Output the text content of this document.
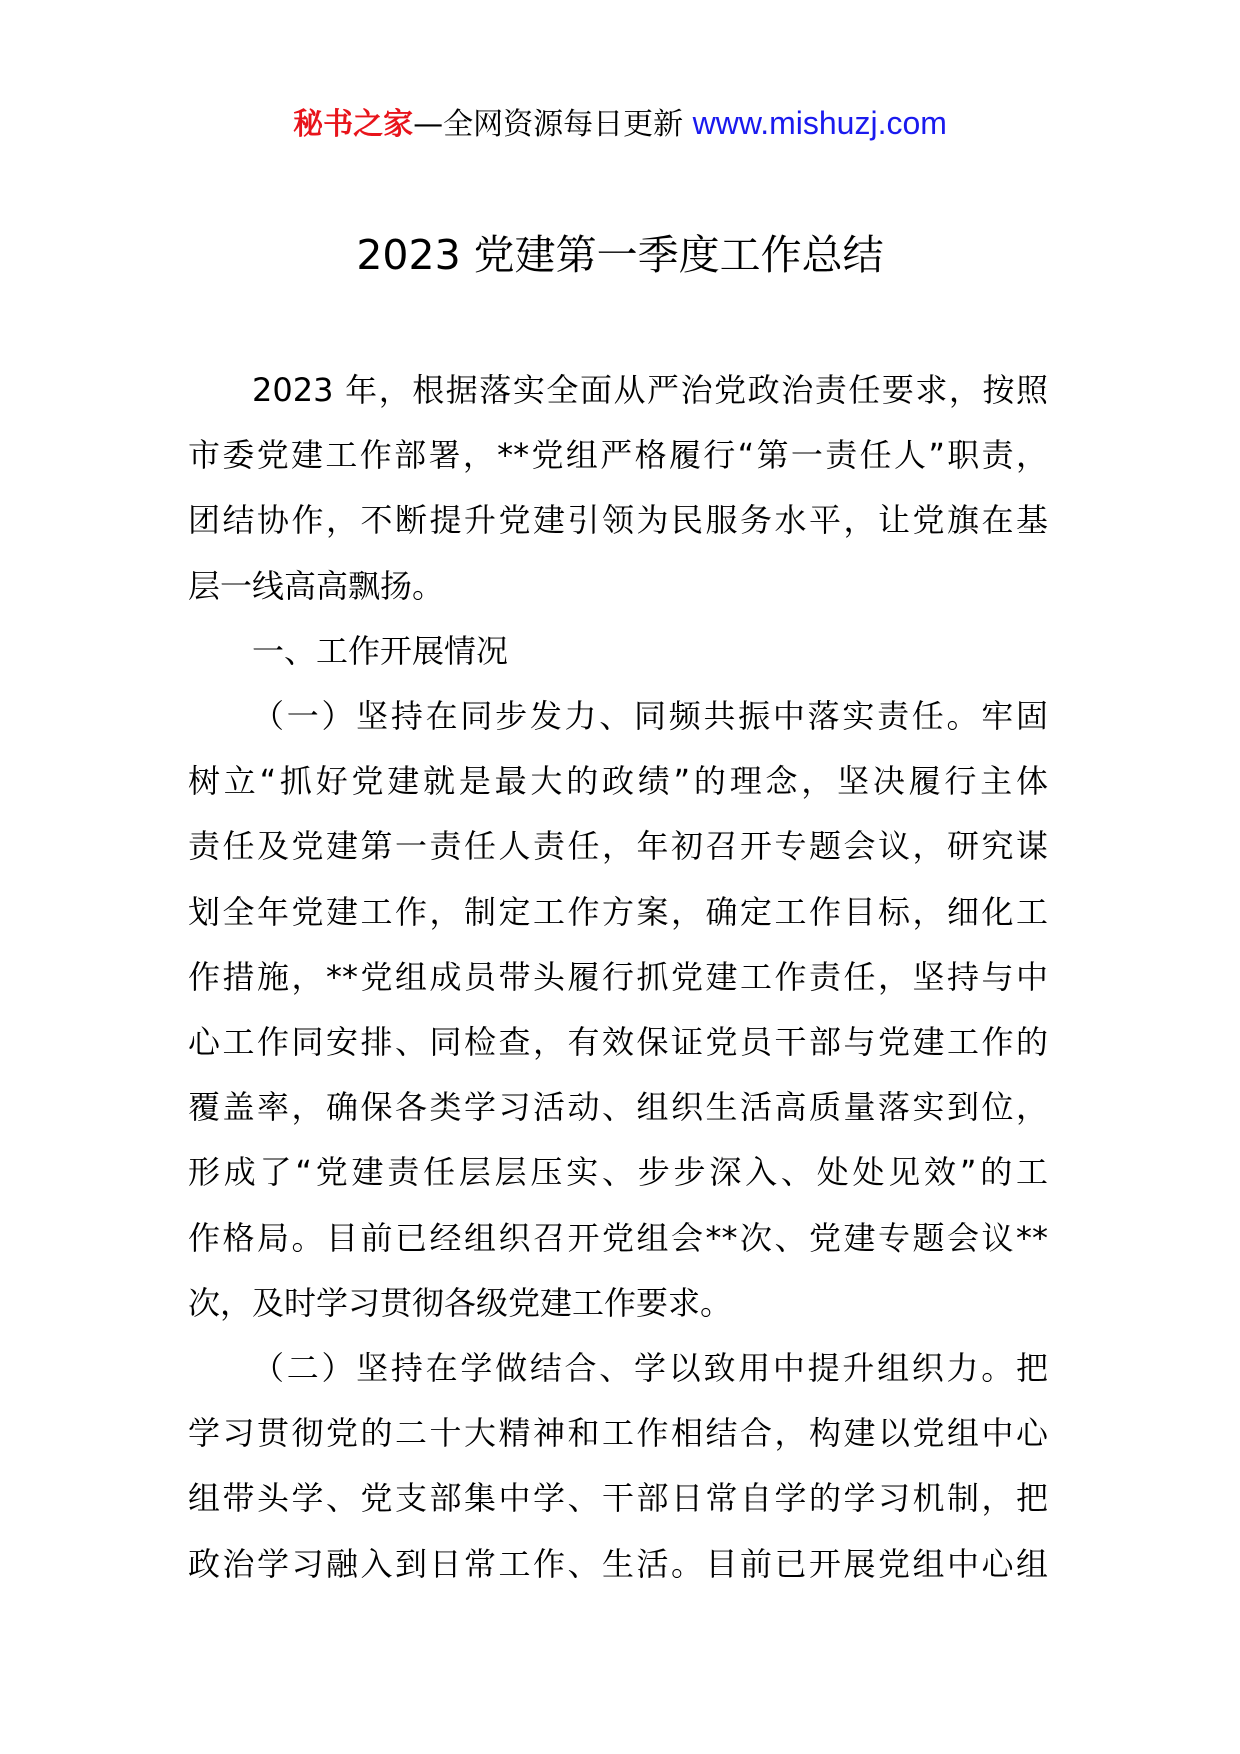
秘书之家—全网资源每日更新 www.mishuzj.com
2023 党建第一季度工作总结

2023 年，根据落实全面从严治党政治责任要求，按照
市委党建工作部署，**党组严格履行“第一责任人”职责，
团结协作，不断提升党建引领为民服务水平，让党旗在基
层一线高高飘扬。

一、工作开展情况

（一）坚持在同步发力、同频共振中落实责任。牢固
树立“抓好党建就是最大的政绩”的理念，坚决履行主体
责任及党建第一责任人责任，年初召开专题会议，研究谋
划全年党建工作，制定工作方案，确定工作目标，细化工
作措施，**党组成员带头履行抓党建工作责任，坚持与中
心工作同安排、同检查，有效保证党员干部与党建工作的
覆盖率，确保各类学习活动、组织生活高质量落实到位，
形成了“党建责任层层压实、步步深入、处处见效”的工
作格局。目前已经组织召开党组会**次、党建专题会议**
次，及时学习贯彻各级党建工作要求。

（二）坚持在学做结合、学以致用中提升组织力。把
学习贯彻党的二十大精神和工作相结合，构建以党组中心
组带头学、党支部集中学、干部日常自学的学习机制，把
政治学习融入到日常工作、生活。目前已开展党组中心组
